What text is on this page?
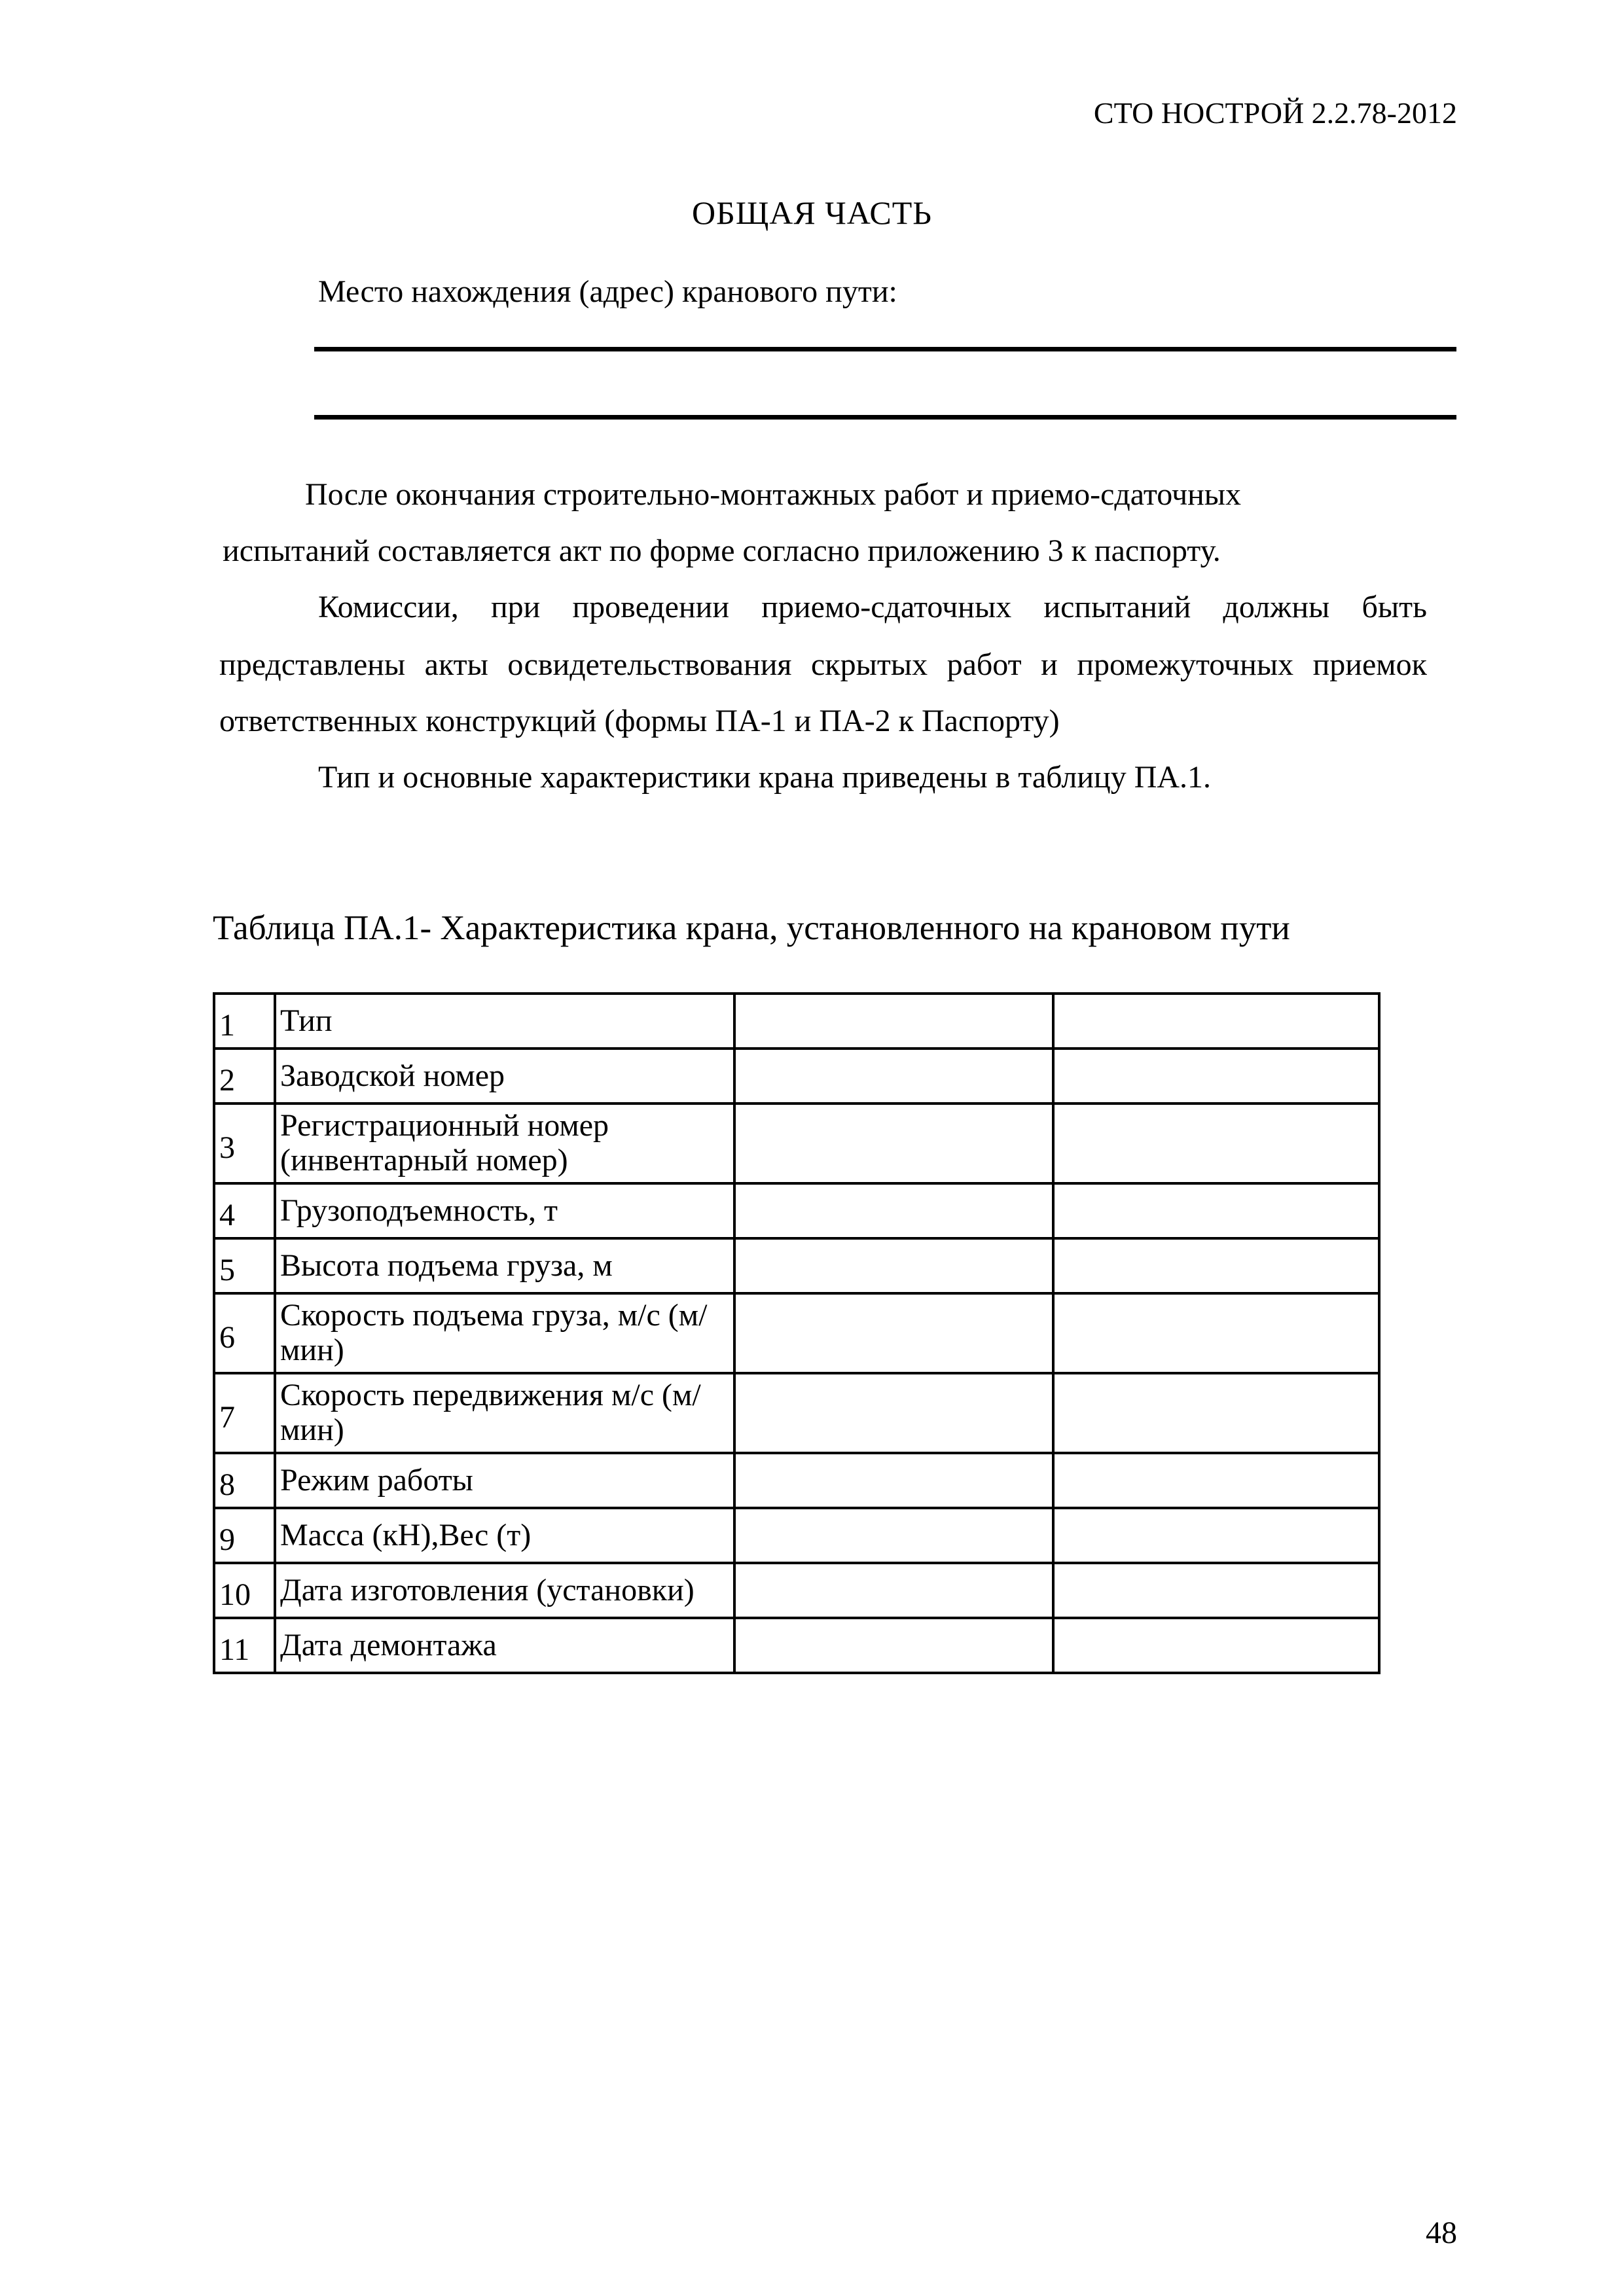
СТО НОСТРОЙ 2.2.78-2012
ОБЩАЯ ЧАСТЬ
Место нахождения (адрес) кранового пути:
После окончания строительно-монтажных работ и приемо-сдаточных
испытаний составляется акт по форме согласно приложению 3 к паспорту.
Комиссии, при проведении приемо-сдаточных испытаний должны быть
представлены акты освидетельствования скрытых работ и промежуточных приемок
ответственных конструкций (формы ПА-1 и ПА-2 к Паспорту)
Тип и основные характеристики крана приведены в таблицу ПА.1.
Таблица ПА.1- Характеристика крана, установленного на крановом пути
1	Тип		
2	Заводской номер		
3	Регистрационный номер (инвентарный номер)		
4	Грузоподъемность, т		
5	Высота подъема груза, м		
6	Скорость подъема груза, м/с (м/мин)		
7	Скорость передвижения м/с (м/мин)		
8	Режим работы		
9	Масса (кН),Вес (т)		
10	Дата изготовления (установки)		
11	Дата демонтажа		
48
